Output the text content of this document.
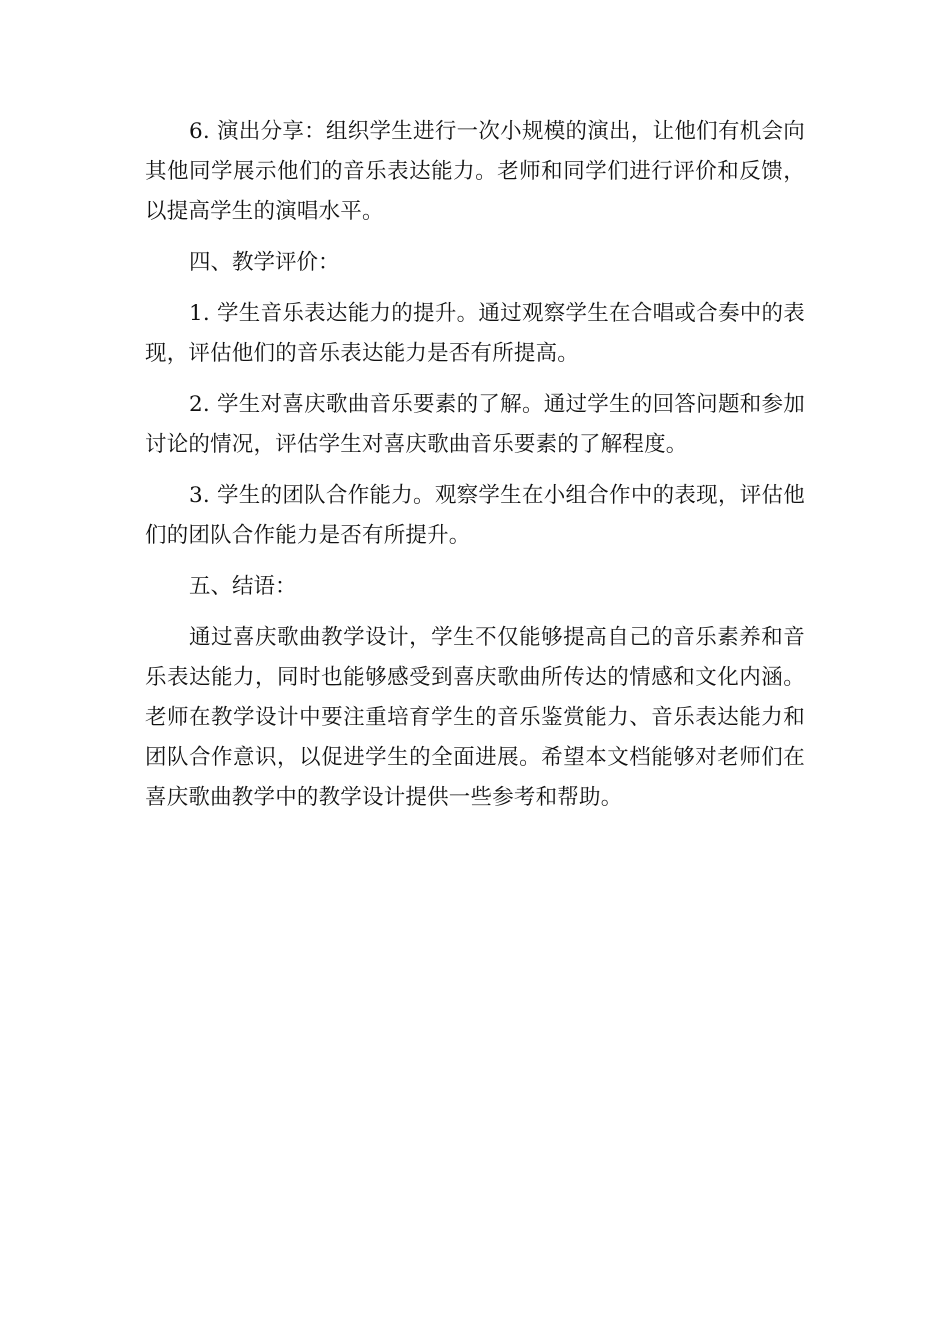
6. 演出分享：组织学生进行一次小规模的演出，让他们有机会向其他同学展示他们的音乐表达能力。老师和同学们进行评价和反馈，以提高学生的演唱水平。

四、教学评价：

1. 学生音乐表达能力的提升。通过观察学生在合唱或合奏中的表现，评估他们的音乐表达能力是否有所提高。

2. 学生对喜庆歌曲音乐要素的了解。通过学生的回答问题和参加讨论的情况，评估学生对喜庆歌曲音乐要素的了解程度。

3. 学生的团队合作能力。观察学生在小组合作中的表现，评估他们的团队合作能力是否有所提升。

五、结语：

通过喜庆歌曲教学设计，学生不仅能够提高自己的音乐素养和音乐表达能力，同时也能够感受到喜庆歌曲所传达的情感和文化内涵。老师在教学设计中要注重培育学生的音乐鉴赏能力、音乐表达能力和团队合作意识，以促进学生的全面进展。希望本文档能够对老师们在喜庆歌曲教学中的教学设计提供一些参考和帮助。
